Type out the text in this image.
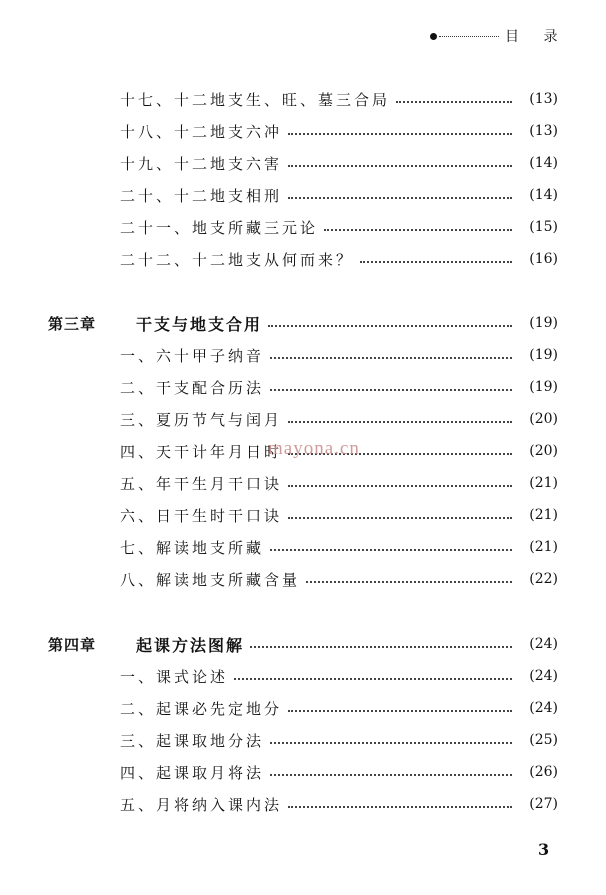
目 录
十七、十二地支生、旺、墓三合局	(13)
十八、十二地支六冲	(13)
十九、十二地支六害	(14)
二十、十二地支相刑	(14)
二十一、地支所藏三元论	(15)
二十二、十二地支从何而来？	(16)
第三章	干支与地支合用	(19)
一、六十甲子纳音	(19)
二、干支配合历法	(19)
三、夏历节气与闰月	(20)
四、天干计年月日时	(20)
五、年干生月干口诀	(21)
六、日干生时干口诀	(21)
七、解读地支所藏	(21)
八、解读地支所藏含量	(22)
第四章	起课方法图解	(24)
一、课式论述	(24)
二、起课必先定地分	(24)
三、起课取地分法	(25)
四、起课取月将法	(26)
五、月将纳入课内法	(27)
mayona.cn
3
